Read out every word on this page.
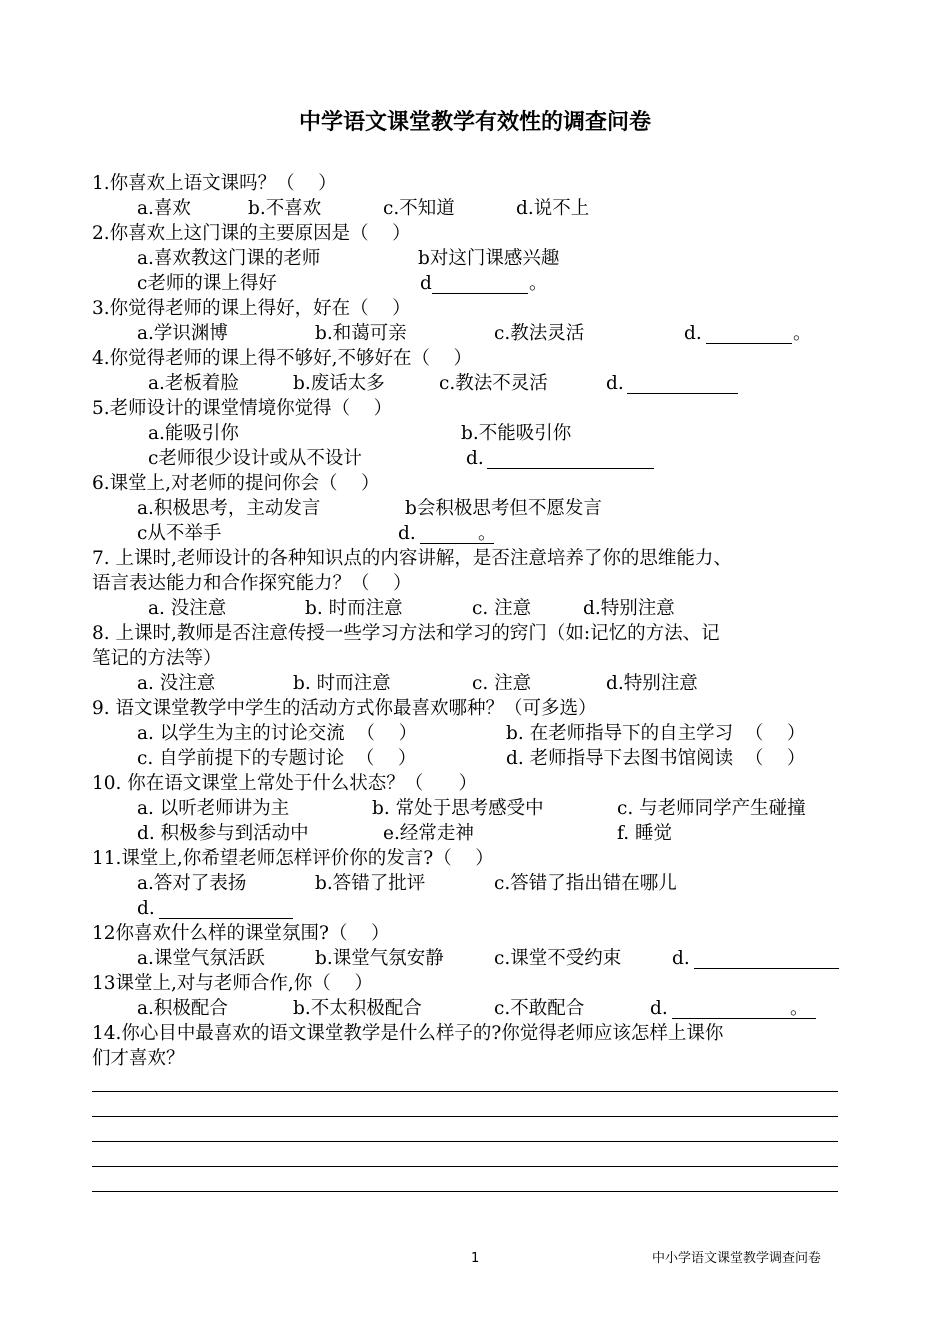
中学语文课堂教学有效性的调查问卷
1.你喜欢上语文课吗？（    ）
a.喜欢	b.不喜欢	c.不知道	d.说不上
2.你喜欢上这门课的主要原因是（    ）
a.喜欢教这门课的老师	b对这门课感兴趣
c老师的课上得好	d	。
3.你觉得老师的课上得好，好在（    ）
a.学识渊博	b.和蔼可亲	c.教法灵活	d.	。
4.你觉得老师的课上得不够好,不够好在（    ）
a.老板着脸	b.废话太多	c.教法不灵活	d.
5.老师设计的课堂情境你觉得（    ）
a.能吸引你	b.不能吸引你
c老师很少设计或从不设计	d.
6.课堂上,对老师的提问你会（    ）
a.积极思考，主动发言	b会积极思考但不愿发言
c从不举手	d.	。
7. 上课时,老师设计的各种知识点的内容讲解，是否注意培养了你的思维能力、
语言表达能力和合作探究能力？（    ）
a. 没注意	b. 时而注意	c. 注意	d.特别注意
8. 上课时,教师是否注意传授一些学习方法和学习的窍门（如:记忆的方法、记
笔记的方法等）
a. 没注意	b. 时而注意	c. 注意	d.特别注意
9. 语文课堂教学中学生的活动方式你最喜欢哪种？（可多选）
a. 以学生为主的讨论交流  （    ）	b. 在老师指导下的自主学习  （    ）
c. 自学前提下的专题讨论  （    ）	d. 老师指导下去图书馆阅读  （    ）
10. 你在语文课堂上常处于什么状态？（      ）
a. 以听老师讲为主	b. 常处于思考感受中	c. 与老师同学产生碰撞
d. 积极参与到活动中	e.经常走神	f. 睡觉
11.课堂上,你希望老师怎样评价你的发言?（    ）
a.答对了表扬	b.答错了批评	c.答错了指出错在哪儿
d.
12你喜欢什么样的课堂氛围?（    ）
a.课堂气氛活跃	b.课堂气氛安静	c.课堂不受约束	d.
13课堂上,对与老师合作,你（    ）
a.积极配合	b.不太积极配合	c.不敢配合	d.	。
14.你心目中最喜欢的语文课堂教学是什么样子的?你觉得老师应该怎样上课你
们才喜欢？
1	中小学语文课堂教学调查问卷
